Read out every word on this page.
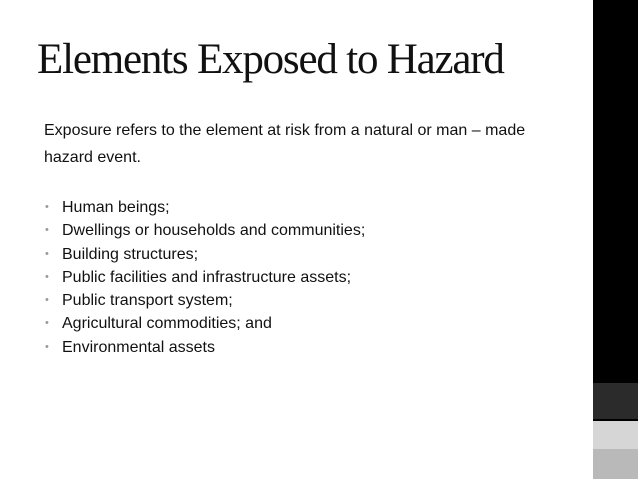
Elements Exposed to Hazard

Exposure refers to the element at risk from a natural or man – made hazard event.

• Human beings;
• Dwellings or households and communities;
• Building structures;
• Public facilities and infrastructure assets;
• Public transport system;
• Agricultural commodities; and
• Environmental assets
